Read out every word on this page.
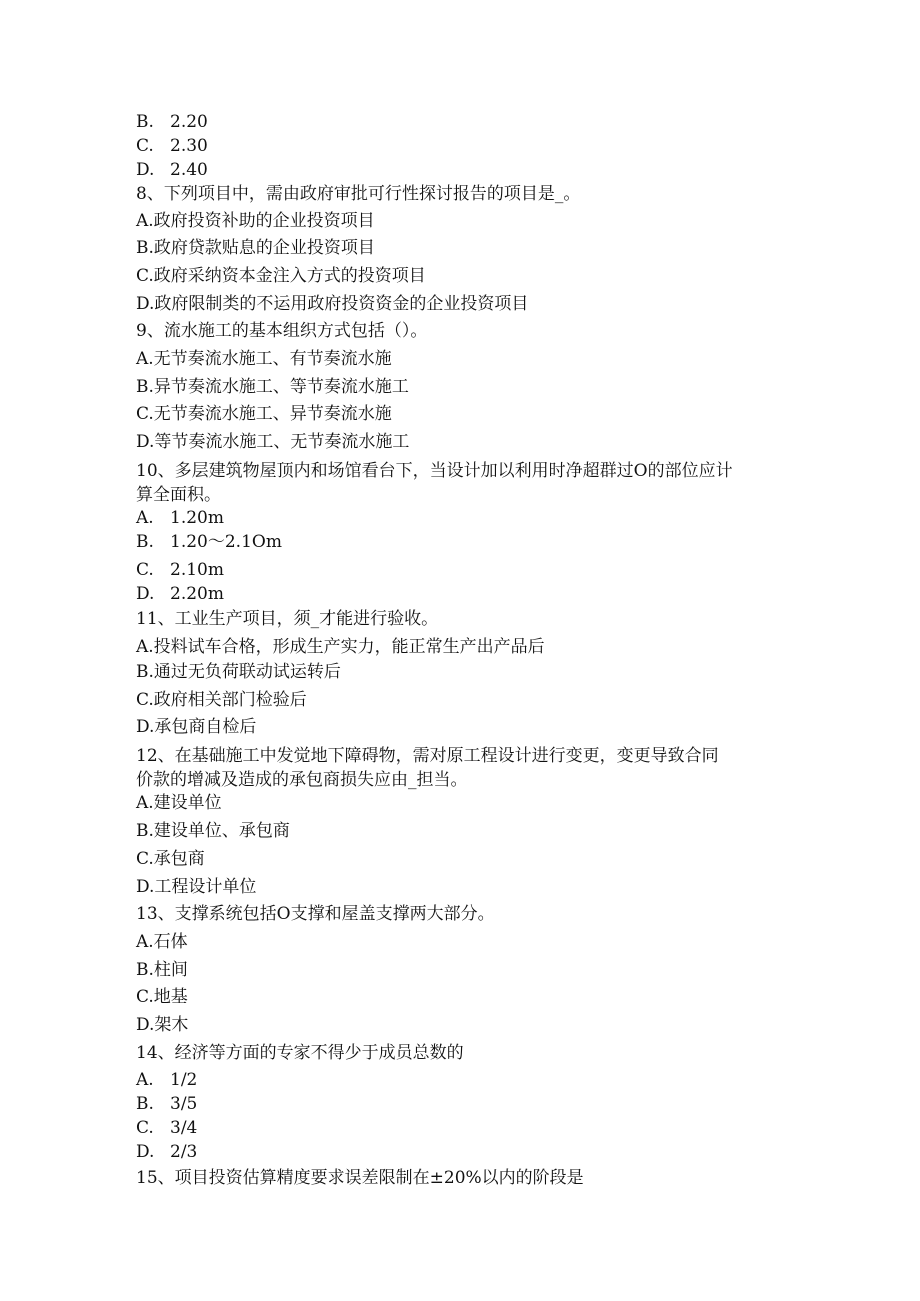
B. 2.20
C. 2.30
D. 2.40
8、下列项目中，需由政府审批可行性探讨报告的项目是_。
A.政府投资补助的企业投资项目
B.政府贷款贴息的企业投资项目
C.政府采纳资本金注入方式的投资项目
D.政府限制类的不运用政府投资资金的企业投资项目
9、流水施工的基本组织方式包括（）。
A.无节奏流水施工、有节奏流水施
B.异节奏流水施工、等节奏流水施工
C.无节奏流水施工、异节奏流水施
D.等节奏流水施工、无节奏流水施工
10、多层建筑物屋顶内和场馆看台下，当设计加以利用时净超群过O的部位应计
算全面积。
A. 1.20m
B. 1.20～2.1Om
C. 2.10m
D. 2.20m
11、工业生产项目，须_才能进行验收。
A.投料试车合格，形成生产实力，能正常生产出产品后
B.通过无负荷联动试运转后
C.政府相关部门检验后
D.承包商自检后
12、在基础施工中发觉地下障碍物，需对原工程设计进行变更，变更导致合同
价款的增减及造成的承包商损失应由_担当。
A.建设单位
B.建设单位、承包商
C.承包商
D.工程设计单位
13、支撑系统包括O支撑和屋盖支撑两大部分。
A.石体
B.柱间
C.地基
D.架木
14、经济等方面的专家不得少于成员总数的
A. 1/2
B. 3/5
C. 3/4
D. 2/3
15、项目投资估算精度要求误差限制在±20%以内的阶段是
